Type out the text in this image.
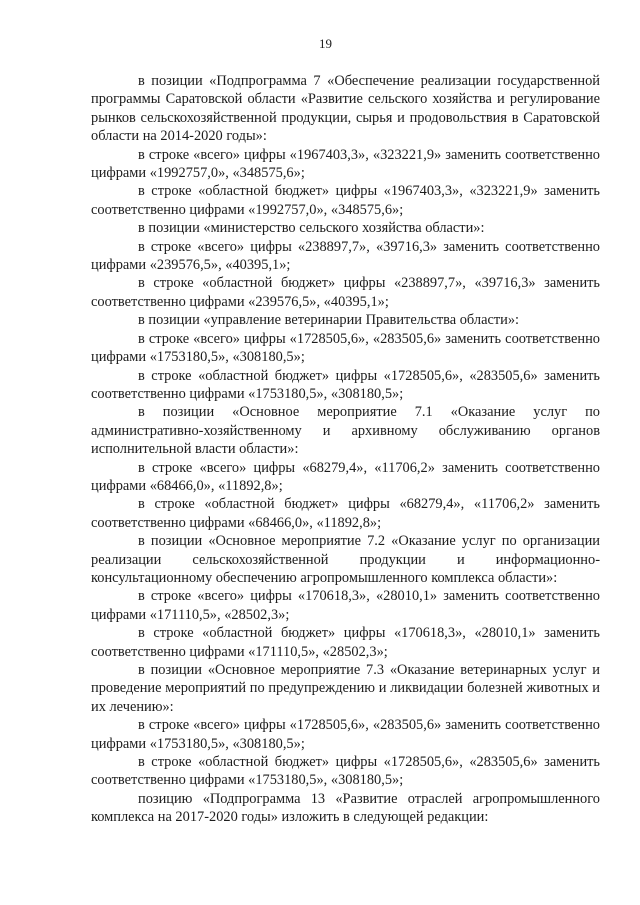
19

в позиции «Подпрограмма 7 «Обеспечение реализации государственной программы Саратовской области «Развитие сельского хозяйства и регулирование рынков сельскохозяйственной продукции, сырья и продовольствия в Саратовской области на 2014-2020 годы»:

в строке «всего» цифры «1967403,3», «323221,9» заменить соответственно цифрами «1992757,0», «348575,6»;

в строке «областной бюджет» цифры «1967403,3», «323221,9» заменить соответственно цифрами «1992757,0», «348575,6»;

в позиции «министерство сельского хозяйства области»:

в строке «всего» цифры «238897,7», «39716,3» заменить соответственно цифрами «239576,5», «40395,1»;

в строке «областной бюджет» цифры «238897,7», «39716,3» заменить соответственно цифрами «239576,5», «40395,1»;

в позиции «управление ветеринарии Правительства области»:

в строке «всего» цифры «1728505,6», «283505,6» заменить соответственно цифрами «1753180,5», «308180,5»;

в строке «областной бюджет» цифры «1728505,6», «283505,6» заменить соответственно цифрами «1753180,5», «308180,5»;

в позиции «Основное мероприятие 7.1 «Оказание услуг по административно-хозяйственному и архивному обслуживанию органов исполнительной власти области»:

в строке «всего» цифры «68279,4», «11706,2» заменить соответственно цифрами «68466,0», «11892,8»;

в строке «областной бюджет» цифры «68279,4», «11706,2» заменить соответственно цифрами «68466,0», «11892,8»;

в позиции «Основное мероприятие 7.2 «Оказание услуг по организации реализации сельскохозяйственной продукции и информационно-консультационному обеспечению агропромышленного комплекса области»:

в строке «всего» цифры «170618,3», «28010,1» заменить соответственно цифрами «171110,5», «28502,3»;

в строке «областной бюджет» цифры «170618,3», «28010,1» заменить соответственно цифрами «171110,5», «28502,3»;

в позиции «Основное мероприятие 7.3 «Оказание ветеринарных услуг и проведение мероприятий по предупреждению и ликвидации болезней животных и их лечению»:

в строке «всего» цифры «1728505,6», «283505,6» заменить соответственно цифрами «1753180,5», «308180,5»;

в строке «областной бюджет» цифры «1728505,6», «283505,6» заменить соответственно цифрами «1753180,5», «308180,5»;

позицию «Подпрограмма 13 «Развитие отраслей агропромышленного комплекса на 2017-2020 годы» изложить в следующей редакции:
